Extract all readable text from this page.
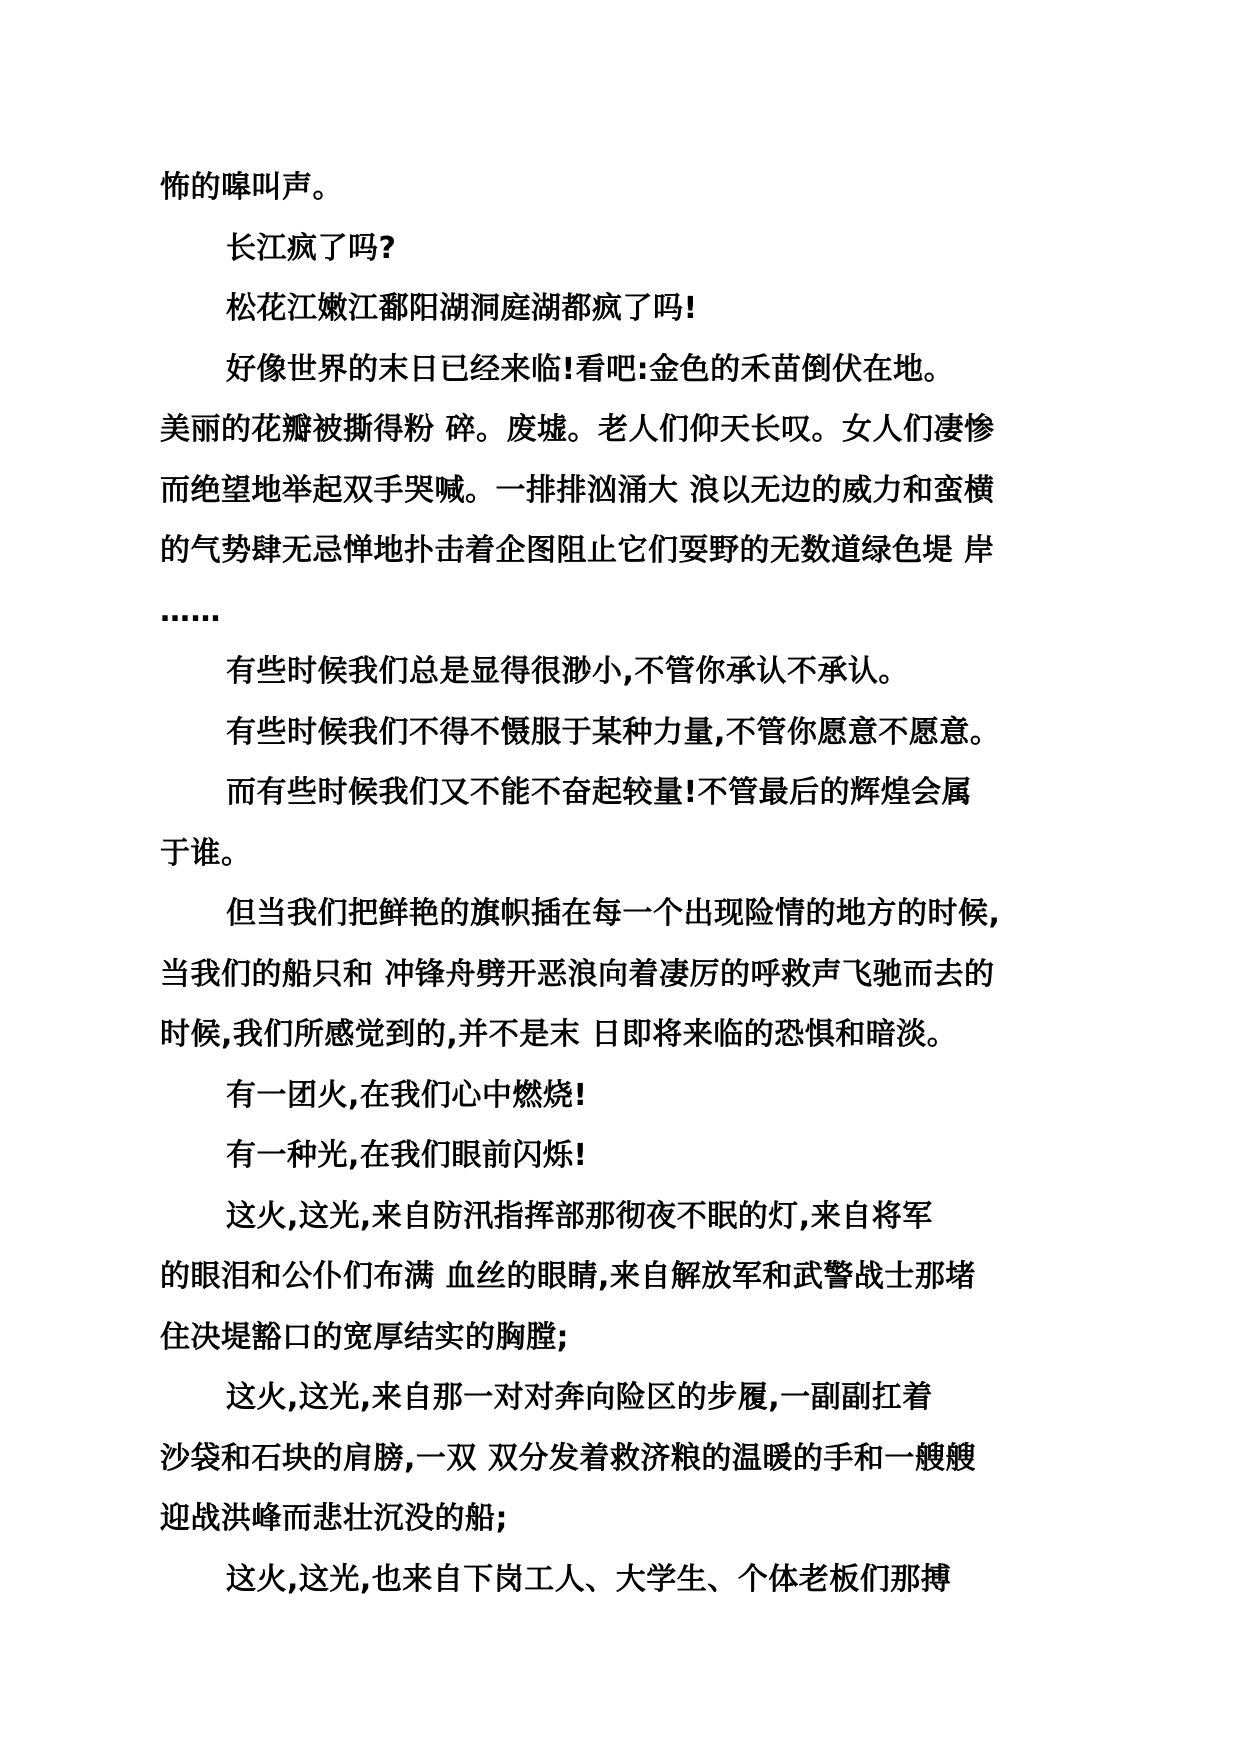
怖的嗥叫声。
长江疯了吗?
松花江嫩江鄱阳湖洞庭湖都疯了吗!
好像世界的末日已经来临!看吧:金色的禾苗倒伏在地。
美丽的花瓣被撕得粉 碎。废墟。老人们仰天长叹。女人们凄惨
而绝望地举起双手哭喊。一排排汹涌大 浪以无边的威力和蛮横
的气势肆无忌惮地扑击着企图阻止它们耍野的无数道绿色堤 岸
……
有些时候我们总是显得很渺小,不管你承认不承认。
有些时候我们不得不慑服于某种力量,不管你愿意不愿意。
而有些时候我们又不能不奋起较量!不管最后的辉煌会属
于谁。
但当我们把鲜艳的旗帜插在每一个出现险情的地方的时候,
当我们的船只和 冲锋舟劈开恶浪向着凄厉的呼救声飞驰而去的
时候,我们所感觉到的,并不是末 日即将来临的恐惧和暗淡。
有一团火,在我们心中燃烧!
有一种光,在我们眼前闪烁!
这火,这光,来自防汛指挥部那彻夜不眠的灯,来自将军
的眼泪和公仆们布满 血丝的眼睛,来自解放军和武警战士那堵
住决堤豁口的宽厚结实的胸膛;
这火,这光,来自那一对对奔向险区的步履,一副副扛着
沙袋和石块的肩膀,一双 双分发着救济粮的温暖的手和一艘艘
迎战洪峰而悲壮沉没的船;
这火,这光,也来自下岗工人、大学生、个体老板们那搏
